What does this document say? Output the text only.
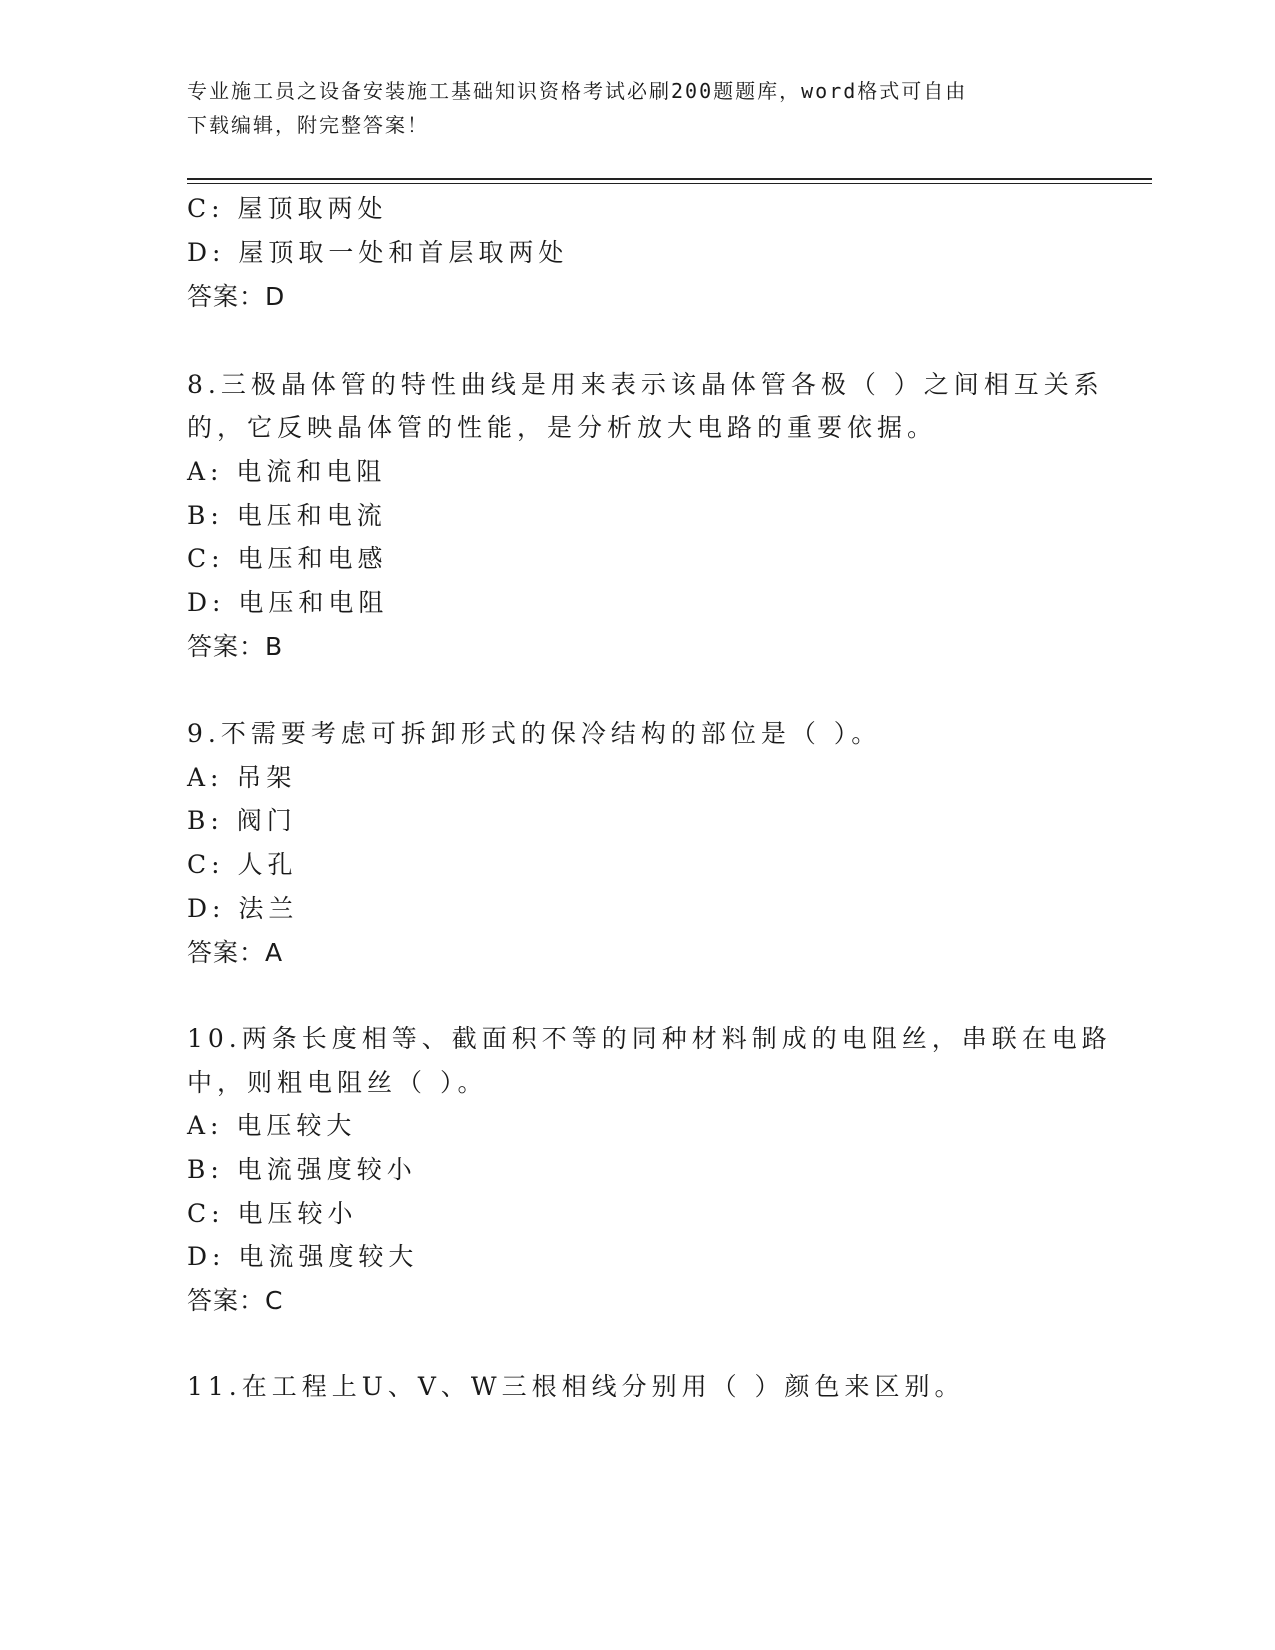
专业施工员之设备安装施工基础知识资格考试必刷200题题库，word格式可自由
下载编辑，附完整答案！
C: 屋顶取两处
D: 屋顶取一处和首层取两处
答案：D
8.三极晶体管的特性曲线是用来表示该晶体管各极（ ）之间相互关系
的，它反映晶体管的性能，是分析放大电路的重要依据。
A: 电流和电阻
B: 电压和电流
C: 电压和电感
D: 电压和电阻
答案：B
9.不需要考虑可拆卸形式的保冷结构的部位是（ ）。
A: 吊架
B: 阀门
C: 人孔
D: 法兰
答案：A
10.两条长度相等、截面积不等的同种材料制成的电阻丝，串联在电路
中，则粗电阻丝（ ）。
A: 电压较大
B: 电流强度较小
C: 电压较小
D: 电流强度较大
答案：C
11.在工程上U、V、W三根相线分别用（ ）颜色来区别。
